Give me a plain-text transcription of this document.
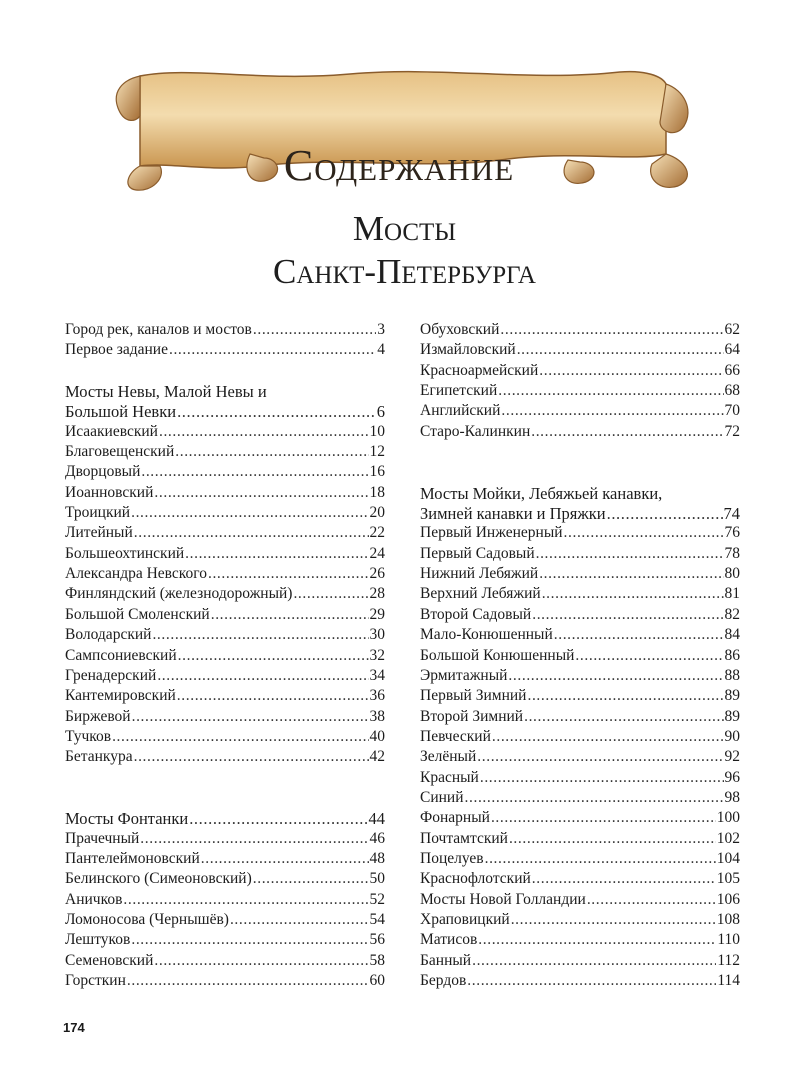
Содержание
Мосты
Санкт-Петербурга
Город рек, каналов и мостов .....	3
Первое задание .....	4
Мосты Невы, Малой Невы и
Большой Невки .....	6
Исаакиевский .....	10
Благовещенский .....	12
Дворцовый .....	16
Иоанновский .....	18
Троицкий .....	20
Литейный .....	22
Большеохтинский .....	24
Александра Невского .....	26
Финляндский (железнодорожный) .....	28
Большой Смоленский .....	29
Володарский .....	30
Сампсониевский .....	32
Гренадерский .....	34
Кантемировский .....	36
Биржевой .....	38
Тучков .....	40
Бетанкура .....	42
Мосты Фонтанки .....	44
Прачечный .....	46
Пантелеймоновский .....	48
Белинского (Симеоновский) .....	50
Аничков .....	52
Ломоносова (Чернышёв) .....	54
Лештуков .....	56
Семеновский .....	58
Горсткин .....	60
Обуховский .....	62
Измайловский .....	64
Красноармейский .....	66
Египетский .....	68
Английский .....	70
Старо-Калинкин .....	72
Мосты Мойки, Лебяжьей канавки,
Зимней канавки и Пряжки .....	74
Первый Инженерный .....	76
Первый Садовый .....	78
Нижний Лебяжий .....	80
Верхний Лебяжий .....	81
Второй Садовый .....	82
Мало-Конюшенный .....	84
Большой Конюшенный .....	86
Эрмитажный .....	88
Первый Зимний .....	89
Второй Зимний .....	89
Певческий .....	90
Зелёный .....	92
Красный .....	96
Синий .....	98
Фонарный .....	100
Почтамтский .....	102
Поцелуев .....	104
Краснофлотский .....	105
Мосты Новой Голландии .....	106
Храповицкий .....	108
Матисов .....	110
Банный .....	112
Бердов .....	114
174
